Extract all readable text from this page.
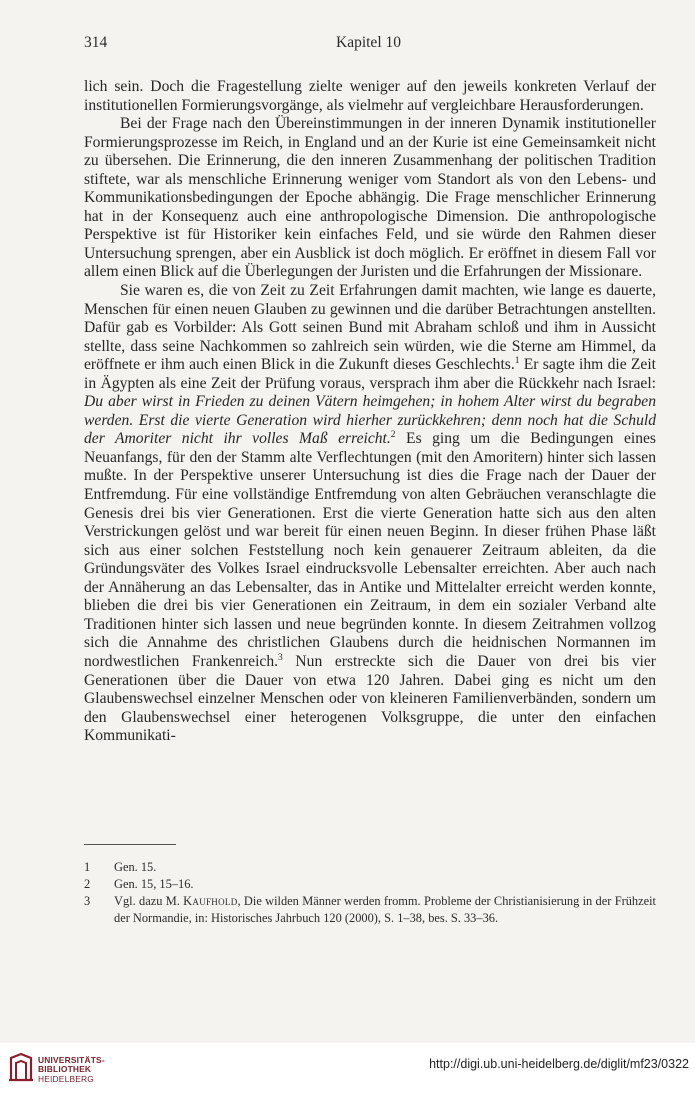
314	Kapitel 10

lich sein. Doch die Fragestellung zielte weniger auf den jeweils konkreten Verlauf der institutionellen Formierungsvorgänge, als vielmehr auf vergleichbare Herausforderungen.

Bei der Frage nach den Übereinstimmungen in der inneren Dynamik institutioneller Formierungsprozesse im Reich, in England und an der Kurie ist eine Gemeinsamkeit nicht zu übersehen. Die Erinnerung, die den inneren Zusammenhang der politischen Tradition stiftete, war als menschliche Erinnerung weniger vom Standort als von den Lebens- und Kommunikationsbedingungen der Epoche abhängig. Die Frage menschlicher Erinnerung hat in der Konsequenz auch eine anthropologische Dimension. Die anthropologische Perspektive ist für Historiker kein einfaches Feld, und sie würde den Rahmen dieser Untersuchung sprengen, aber ein Ausblick ist doch möglich. Er eröffnet in diesem Fall vor allem einen Blick auf die Überlegungen der Juristen und die Erfahrungen der Missionare.

Sie waren es, die von Zeit zu Zeit Erfahrungen damit machten, wie lange es dauerte, Menschen für einen neuen Glauben zu gewinnen und die darüber Betrachtungen anstellten. Dafür gab es Vorbilder: Als Gott seinen Bund mit Abraham schloß und ihm in Aussicht stellte, dass seine Nachkommen so zahlreich sein würden, wie die Sterne am Himmel, da eröffnete er ihm auch einen Blick in die Zukunft dieses Geschlechts.$^1$ Er sagte ihm die Zeit in Ägypten als eine Zeit der Prüfung voraus, versprach ihm aber die Rückkehr nach Israel: Du aber wirst in Frieden zu deinen Vätern heimgehen; in hohem Alter wirst du begraben werden. Erst die vierte Generation wird hierher zurückkehren; denn noch hat die Schuld der Amoriter nicht ihr volles Maß erreicht.$^2$ Es ging um die Bedingungen eines Neuanfangs, für den der Stamm alte Verflechtungen (mit den Amoritern) hinter sich lassen mußte. In der Perspektive unserer Untersuchung ist dies die Frage nach der Dauer der Entfremdung. Für eine vollständige Entfremdung von alten Gebräuchen veranschlagte die Genesis drei bis vier Generationen. Erst die vierte Generation hatte sich aus den alten Verstrickungen gelöst und war bereit für einen neuen Beginn. In dieser frühen Phase läßt sich aus einer solchen Feststellung noch kein genauerer Zeitraum ableiten, da die Gründungsväter des Volkes Israel eindrucksvolle Lebensalter erreichten. Aber auch nach der Annäherung an das Lebensalter, das in Antike und Mittelalter erreicht werden konnte, blieben die drei bis vier Generationen ein Zeitraum, in dem ein sozialer Verband alte Traditionen hinter sich lassen und neue begründen konnte. In diesem Zeitrahmen vollzog sich die Annahme des christlichen Glaubens durch die heidnischen Normannen im nordwestlichen Frankenreich.$^3$ Nun erstreckte sich die Dauer von drei bis vier Generationen über die Dauer von etwa 120 Jahren. Dabei ging es nicht um den Glaubenswechsel einzelner Menschen oder von kleineren Familienverbänden, sondern um den Glaubenswechsel einer heterogenen Volksgruppe, die unter den einfachen Kommunikati-

1	Gen. 15.
2	Gen. 15, 15–16.
3	Vgl. dazu M. Kaufhold, Die wilden Männer werden fromm. Probleme der Christianisierung in der Frühzeit der Normandie, in: Historisches Jahrbuch 120 (2000), S. 1–38, bes. S. 33–36.
UNIVERSITÄTS-
BIBLIOTHEK
HEIDELBERG
http://digi.ub.uni-heidelberg.de/diglit/mf23/0322
